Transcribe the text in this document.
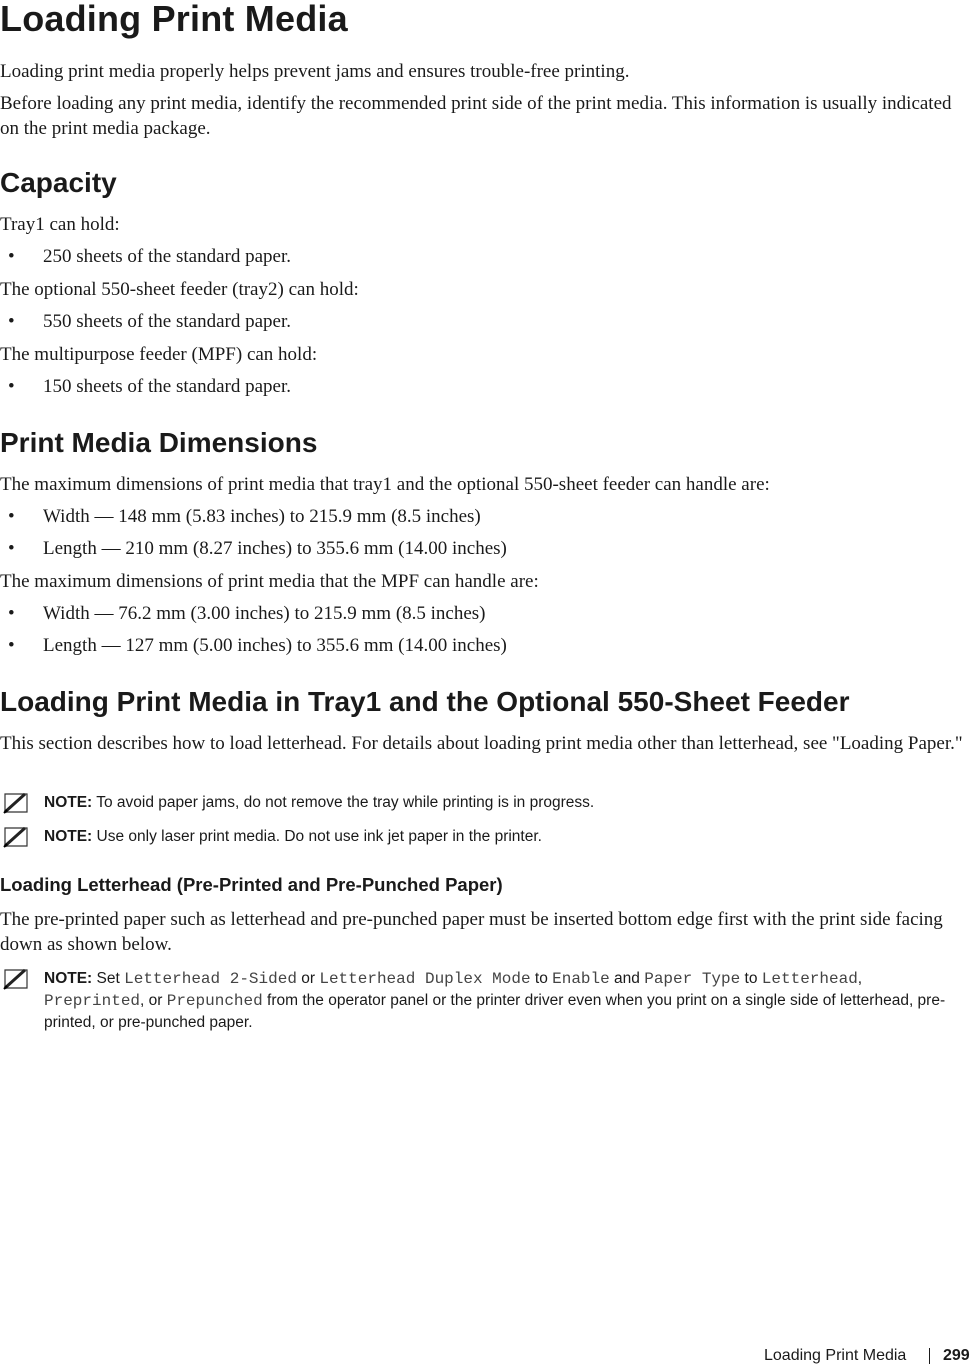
Loading Print Media

Loading print media properly helps prevent jams and ensures trouble-free printing.

Before loading any print media, identify the recommended print side of the print media. This information is usually indicated on the print media package.

Capacity

Tray1 can hold:

• 250 sheets of the standard paper.

The optional 550-sheet feeder (tray2) can hold:

• 550 sheets of the standard paper.

The multipurpose feeder (MPF) can hold:

• 150 sheets of the standard paper.
Print Media Dimensions

The maximum dimensions of print media that tray1 and the optional 550-sheet feeder can handle are:

• Width — 148 mm (5.83 inches) to 215.9 mm (8.5 inches)
• Length — 210 mm (8.27 inches) to 355.6 mm (14.00 inches)

The maximum dimensions of print media that the MPF can handle are:

• Width — 76.2 mm (3.00 inches) to 215.9 mm (8.5 inches)
• Length — 127 mm (5.00 inches) to 355.6 mm (14.00 inches)
Loading Print Media in Tray1 and the Optional 550-Sheet Feeder

This section describes how to load letterhead. For details about loading print media other than letterhead, see "Loading Paper."

NOTE: To avoid paper jams, do not remove the tray while printing is in progress.
NOTE: Use only laser print media. Do not use ink jet paper in the printer.
Loading Letterhead (Pre-Printed and Pre-Punched Paper)

The pre-printed paper such as letterhead and pre-punched paper must be inserted bottom edge first with the print side facing down as shown below.

NOTE: Set Letterhead 2-Sided or Letterhead Duplex Mode to Enable and Paper Type to Letterhead, Preprinted, or Prepunched from the operator panel or the printer driver even when you print on a single side of letterhead, pre-printed, or pre-punched paper.
Loading Print Media 299
